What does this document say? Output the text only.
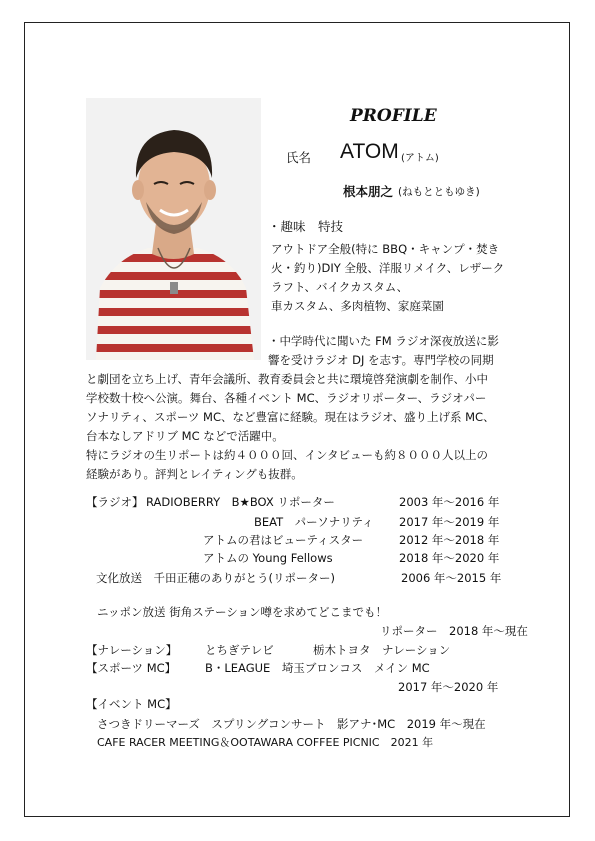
PROFILE
氏名 ATOM (アトム)
根本朋之 (ねもとともゆき)
・趣味　特技
アウトドア全般(特に BBQ・キャンプ・焚き
火・釣り)DIY 全般、洋服リメイク、レザーク
ラフト、バイクカスタム、
車カスタム、多肉植物、家庭菜園
・中学時代に聞いた FM ラジオ深夜放送に影
響を受けラジオ DJ を志す。専門学校の同期
と劇団を立ち上げ、青年会議所、教育委員会と共に環境啓発演劇を制作、小中
学校数十校へ公演。舞台、各種イベント MC、ラジオリポーター、ラジオパー
ソナリティ、スポーツ MC、など豊富に経験。現在はラジオ、盛り上げ系 MC、
台本なしアドリブ MC などで活躍中。
特にラジオの生リポートは約４０００回、インタビューも約８０００人以上の
経験があり。評判とレイティングも抜群。
【ラジオ】 RADIOBERRY　B★BOX リポーター	2003 年～2016 年
BEAT　パーソナリティ 2017 年～2019 年
アトムの君はビューティスター	2012 年～2018 年
アトムの Young Fellows	2018 年～2020 年
文化放送　千田正穂のありがとう(リポーター)	2006 年～2015 年
ニッポン放送 街角ステーション噂を求めてどこまでも！
リポーター　2018 年～現在
【ナレーション】 とちぎテレビ	栃木トヨタ　ナレーション
【スポーツ MC】	B・LEAGUE　埼玉ブロンコス　メイン MC
2017 年～2020 年
【イベント MC】
さつきドリーマーズ　スプリングコンサート　影アナ･MC　2019 年～現在
CAFE RACER MEETING＆OOTAWARA COFFEE PICNIC　2021 年
